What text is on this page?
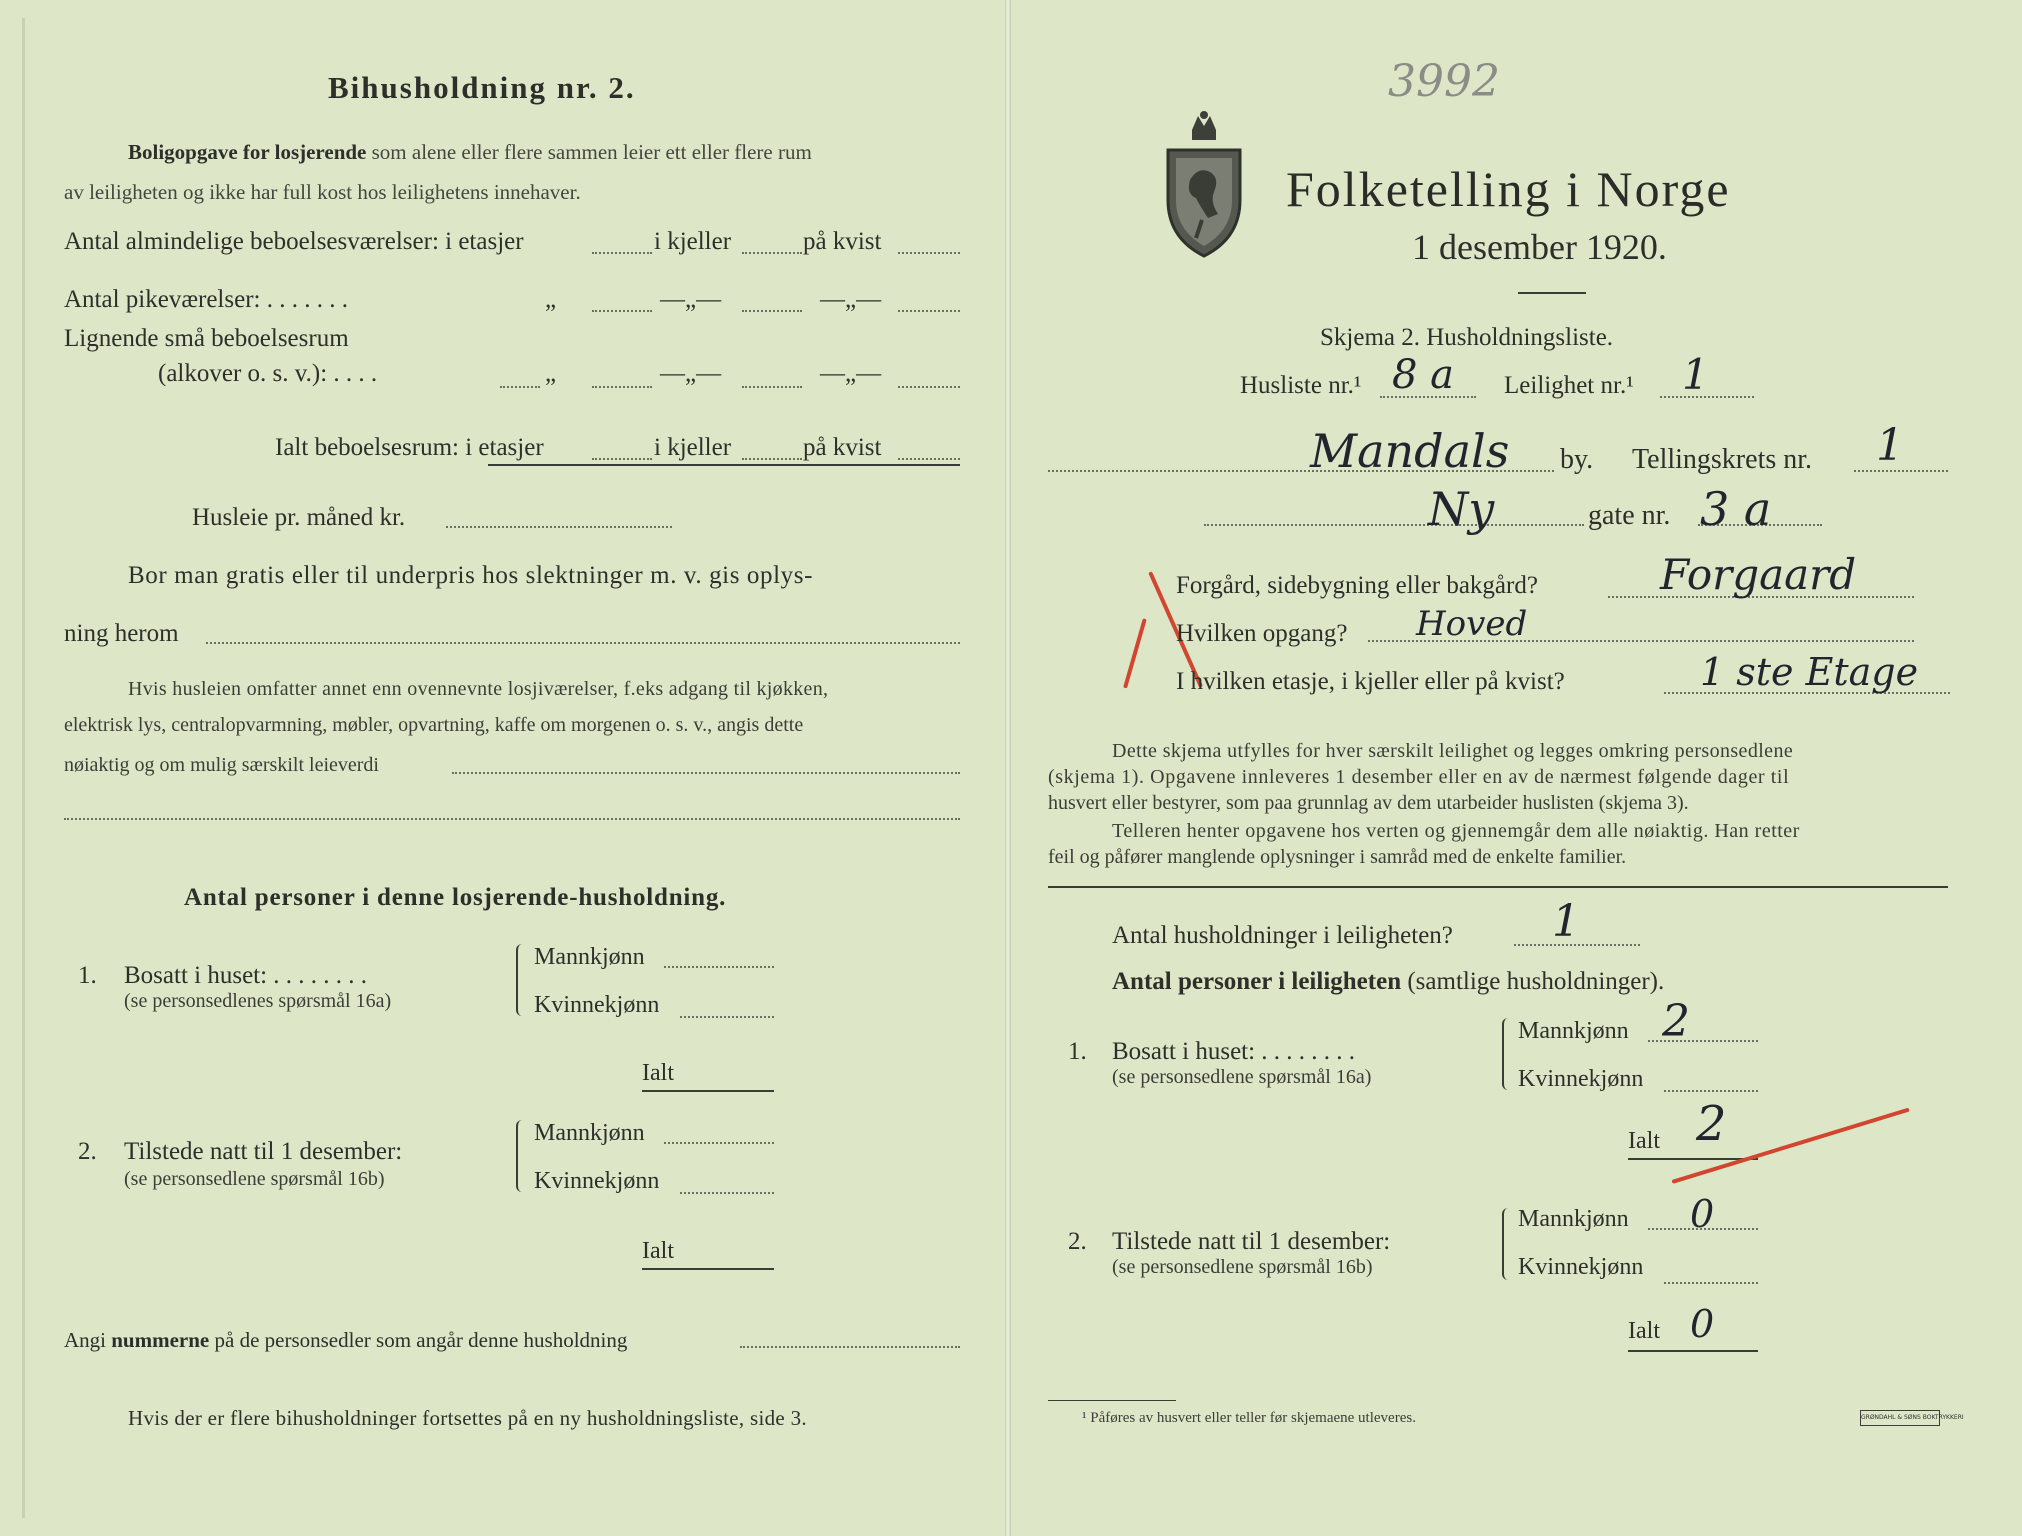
Bihusholdning nr. 2.
Boligopgave for losjerende som alene eller flere sammen leier ett eller flere rum
av leiligheten og ikke har full kost hos leilighetens innehaver.
Antal almindelige beboelsesværelser: i etasjer	i kjeller	på kvist
Antal pikeværelser: . . . . . . .	„	—„—	—„—
Lignende små beboelsesrum
(alkover o. s. v.): . . . .	„	—„—	—„—
Ialt beboelsesrum: i etasjer	i kjeller	på kvist
Husleie pr. måned kr.
Bor man gratis eller til underpris hos slektninger m. v. gis oplys-
ning herom
Hvis husleien omfatter annet enn ovennevnte losjiværelser, f.eks adgang til kjøkken,
elektrisk lys, centralopvarmning, møbler, opvartning, kaffe om morgenen o. s. v., angis dette
nøiaktig og om mulig særskilt leieverdi
Antal personer i denne losjerende-husholdning.
1. Bosatt i huset: . . . . . . . .
(se personsedlenes spørsmål 16a)
Mannkjønn
Kvinnekjønn
Ialt
2. Tilstede natt til 1 desember:
(se personsedlene spørsmål 16b)
Mannkjønn
Kvinnekjønn
Ialt
Angi nummerne på de personsedler som angår denne husholdning
Hvis der er flere bihusholdninger fortsettes på en ny husholdningsliste, side 3.
3992
Folketelling i Norge
1 desember 1920.
Skjema 2. Husholdningsliste.
Husliste nr.¹ 8 a Leilighet nr.¹ 1
Mandals by. Tellingskrets nr. 1
Ny	gate nr. 3 a
Forgård, sidebygning eller bakgård?	Forgaard
Hvilken opgang? Hoved
I hvilken etasje, i kjeller eller på kvist?	1 ste Etage
Dette skjema utfylles for hver særskilt leilighet og legges omkring personsedlene
(skjema 1). Opgavene innleveres 1 desember eller en av de nærmest følgende dager til
husvert eller bestyrer, som paa grunnlag av dem utarbeider huslisten (skjema 3).
Telleren henter opgavene hos verten og gjennemgår dem alle nøiaktig. Han retter
feil og påfører manglende oplysninger i samråd med de enkelte familier.
Antal husholdninger i leiligheten? 1
Antal personer i leiligheten (samtlige husholdninger).
1. Bosatt i huset: . . . . . . . .
(se personsedlene spørsmål 16a)
Mannkjønn 2
Kvinnekjønn
Ialt 2
2. Tilstede natt til 1 desember:
(se personsedlene spørsmål 16b)
Mannkjønn 0
Kvinnekjønn
Ialt 0
¹ Påføres av husvert eller teller før skjemaene utleveres.	GRØNDAHL & SØNS BOKTRYKKERI
